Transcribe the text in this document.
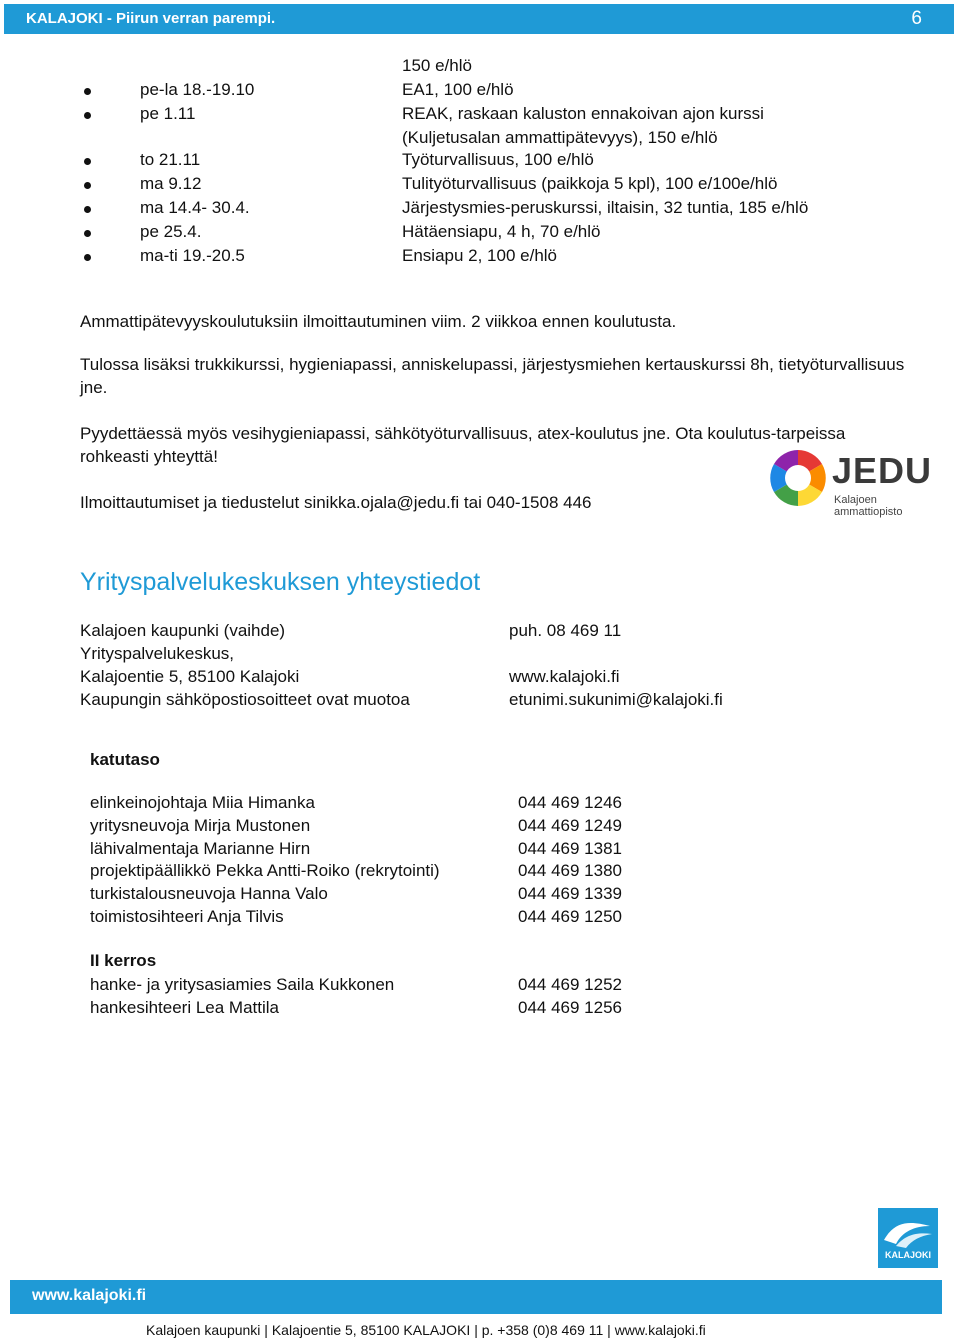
KALAJOKI - Piirun verran parempi.	6
150 e/hlö
pe-la 18.-19.10	EA1, 100 e/hlö
pe 1.11	REAK, raskaan kaluston ennakoivan ajon kurssi
(Kuljetusalan ammattipätevyys), 150 e/hlö
to 21.11	Työturvallisuus, 100 e/hlö
ma 9.12	Tulityöturvallisuus (paikkoja 5 kpl), 100 e/100e/hlö
ma 14.4- 30.4.	Järjestysmies-peruskurssi, iltaisin, 32 tuntia, 185 e/hlö
pe 25.4.	Hätäensiapu, 4 h, 70 e/hlö
ma-ti 19.-20.5	Ensiapu 2, 100 e/hlö
Ammattipätevyyskoulutuksiin ilmoittautuminen viim. 2 viikkoa ennen koulutusta.
Tulossa lisäksi trukkikurssi, hygieniapassi, anniskelupassi, järjestysmiehen kertauskurssi 8h, tietyöturvallisuus jne.
Pyydettäessä myös vesihygieniapassi, sähkötyöturvallisuus, atex-koulutus jne. Ota koulutus-tarpeissa rohkeasti yhteyttä!
Ilmoittautumiset ja tiedustelut sinikka.ojala@jedu.fi tai 040-1508 446
JEDU
Kalajoen
ammattiopisto
Yrityspalvelukeskuksen yhteystiedot
Kalajoen kaupunki (vaihde)	puh. 08 469 11
Yrityspalvelukeskus,
Kalajoentie 5, 85100 Kalajoki	www.kalajoki.fi
Kaupungin sähköpostiosoitteet ovat muotoa	etunimi.sukunimi@kalajoki.fi
katutaso
elinkeinojohtaja Miia Himanka	044 469 1246
yritysneuvoja Mirja Mustonen	044 469 1249
lähivalmentaja Marianne Hirn	044 469 1381
projektipäällikkö Pekka Antti-Roiko (rekrytointi)	044 469 1380
turkistalousneuvoja Hanna Valo	044 469 1339
toimistosihteeri Anja Tilvis	044 469 1250
II kerros
hanke- ja yritysasiamies Saila Kukkonen	044 469 1252
hankesihteeri Lea Mattila	044 469 1256
KALAJOKI
www.kalajoki.fi
Kalajoen kaupunki | Kalajoentie 5, 85100 KALAJOKI | p. +358 (0)8 469 11 | www.kalajoki.fi
